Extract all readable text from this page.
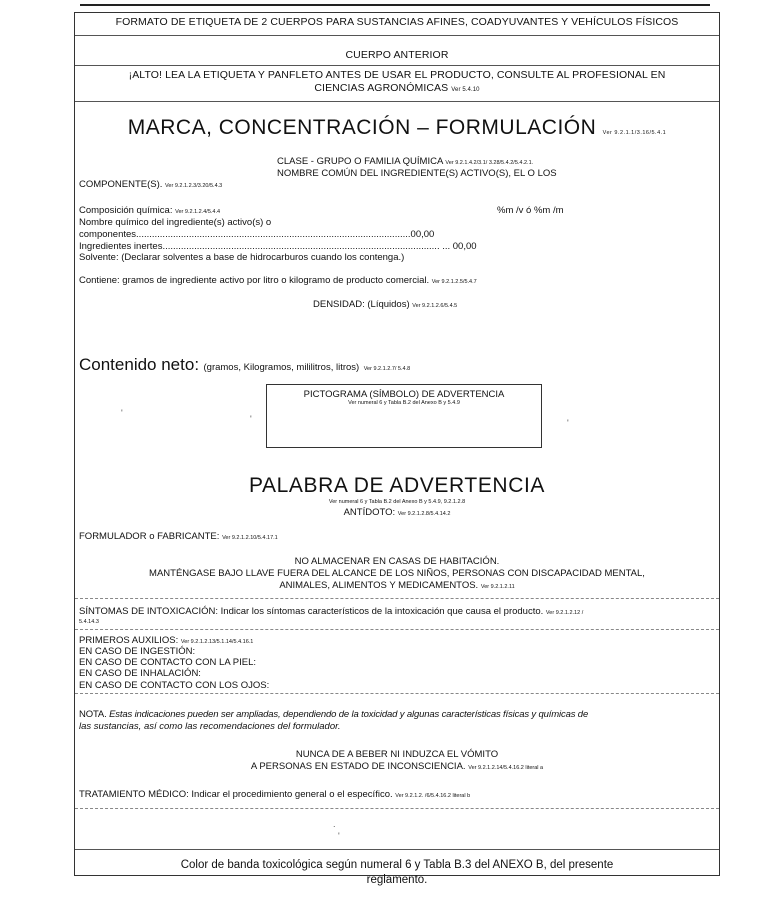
FORMATO DE ETIQUETA DE 2 CUERPOS PARA SUSTANCIAS AFINES, COADYUVANTES Y VEHÍCULOS FÍSICOS
CUERPO ANTERIOR
¡ALTO! LEA LA ETIQUETA Y PANFLETO ANTES DE USAR EL PRODUCTO, CONSULTE AL PROFESIONAL EN
CIENCIAS AGRONÓMICAS Ver 5.4.10
MARCA, CONCENTRACIÓN – FORMULACIÓN Ver 9.2.1.1/3.16/5.4.1
CLASE - GRUPO O FAMILIA QUÍMICA Ver 9.2.1.4.2/3.1/ 3.28/5.4.2/5.4.2.1.
NOMBRE COMÚN DEL INGREDIENTE(S) ACTIVO(S), EL O LOS
COMPONENTE(S). Ver 9.2.1.2.3/3.20/5.4.3
Composición química: Ver 9.2.1.2.4/5.4.4	%m /v ó %m /m
Nombre químico del ingrediente(s) activo(s) o
componentes........................................................................................................00,00
Ingredientes inertes......................................................................................................... ... 00,00
Solvente: (Declarar solventes a base de hidrocarburos cuando los contenga.)
Contiene: gramos de ingrediente activo por litro o kilogramo de producto comercial. Ver 9.2.1.2.5/5.4.7
DENSIDAD: (Líquidos) Ver 9.2.1.2.6/5.4.5
Contenido neto: (gramos, Kilogramos, mililitros, litros) Ver 9.2.1.2.7/ 5.4.8
PICTOGRAMA (SÍMBOLO) DE ADVERTENCIA
Ver numeral 6 y Tabla B.2 del Anexo B y 5.4.9
'
'	'
PALABRA DE ADVERTENCIA
Ver numeral 6 y Tabla B.2 del Anexo B y 5.4.9, 9.2.1.2.8
ANTÍDOTO: Ver 9.2.1.2.8/5.4.14.2
FORMULADOR o FABRICANTE: Ver 9.2.1.2.10/5.4.17.1
NO ALMACENAR EN CASAS DE HABITACIÓN.
MANTÉNGASE BAJO LLAVE FUERA DEL ALCANCE DE LOS NIÑOS, PERSONAS CON DISCAPACIDAD MENTAL,
ANIMALES, ALIMENTOS Y MEDICAMENTOS. Ver 9.2.1.2.11
SÍNTOMAS DE INTOXICACIÓN: Indicar los síntomas característicos de la intoxicación que causa el producto. Ver 9.2.1.2.12 /
5.4.14.3
PRIMEROS AUXILIOS: Ver 9.2.1.2.13/5.1.14/5.4.16.1
EN CASO DE INGESTIÓN:
EN CASO DE CONTACTO CON LA PIEL:
EN CASO DE INHALACIÓN:
EN CASO DE CONTACTO CON LOS OJOS:
NOTA. Estas indicaciones pueden ser ampliadas, dependiendo de la toxicidad y algunas características físicas y químicas de
las sustancias, así como las recomendaciones del formulador.
NUNCA DE A BEBER NI INDUZCA EL VÓMITO
A PERSONAS EN ESTADO DE INCONSCIENCIA. Ver 9.2.1.2.14/5.4.16.2 literal a
TRATAMIENTO MÉDICO: Indicar el procedimiento general o el específico. Ver 9.2.1.2. /6/5.4.16.2 literal b
.
'
Color de banda toxicológica según numeral 6 y Tabla B.3 del ANEXO B, del presente
reglamento.
